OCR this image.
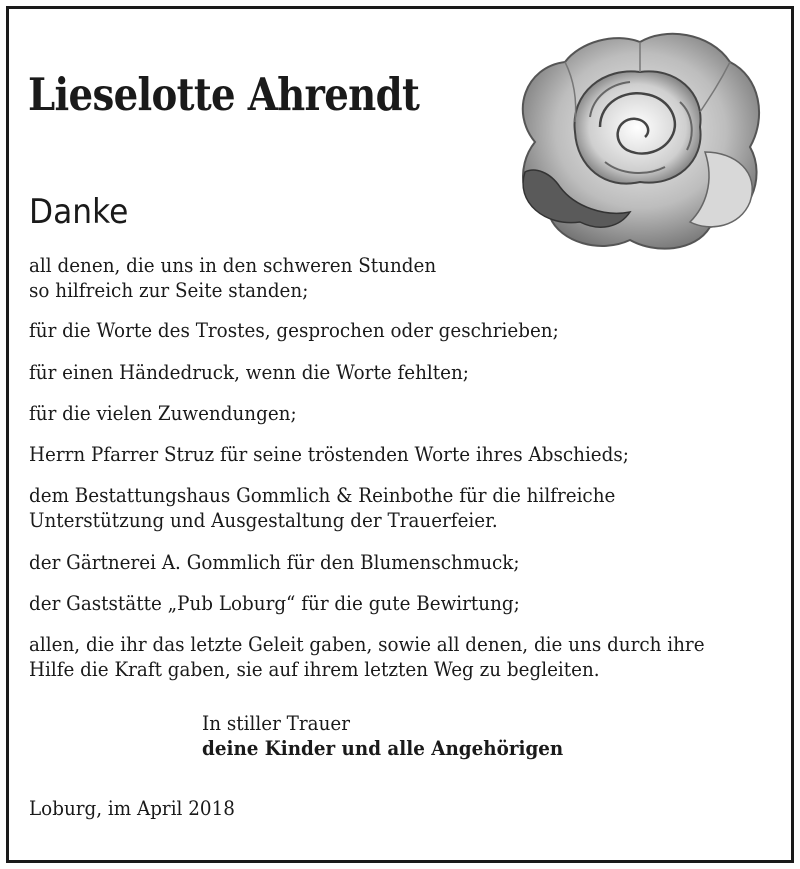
Lieselotte Ahrendt
Danke

all denen, die uns in den schweren Stunden
so hilfreich zur Seite standen;

für die Worte des Trostes, gesprochen oder geschrieben;

für einen Händedruck, wenn die Worte fehlten;

für die vielen Zuwendungen;

Herrn Pfarrer Struz für seine tröstenden Worte ihres Abschieds;

dem Bestattungshaus Gommlich & Reinbothe für die hilfreiche
Unterstützung und Ausgestaltung der Trauerfeier.

der Gärtnerei A. Gommlich für den Blumenschmuck;

der Gaststätte „Pub Loburg“ für die gute Bewirtung;

allen, die ihr das letzte Geleit gaben, sowie all denen, die uns durch ihre
Hilfe die Kraft gaben, sie auf ihrem letzten Weg zu begleiten.

In stiller Trauer
deine Kinder und alle Angehörigen
Loburg, im April 2018
